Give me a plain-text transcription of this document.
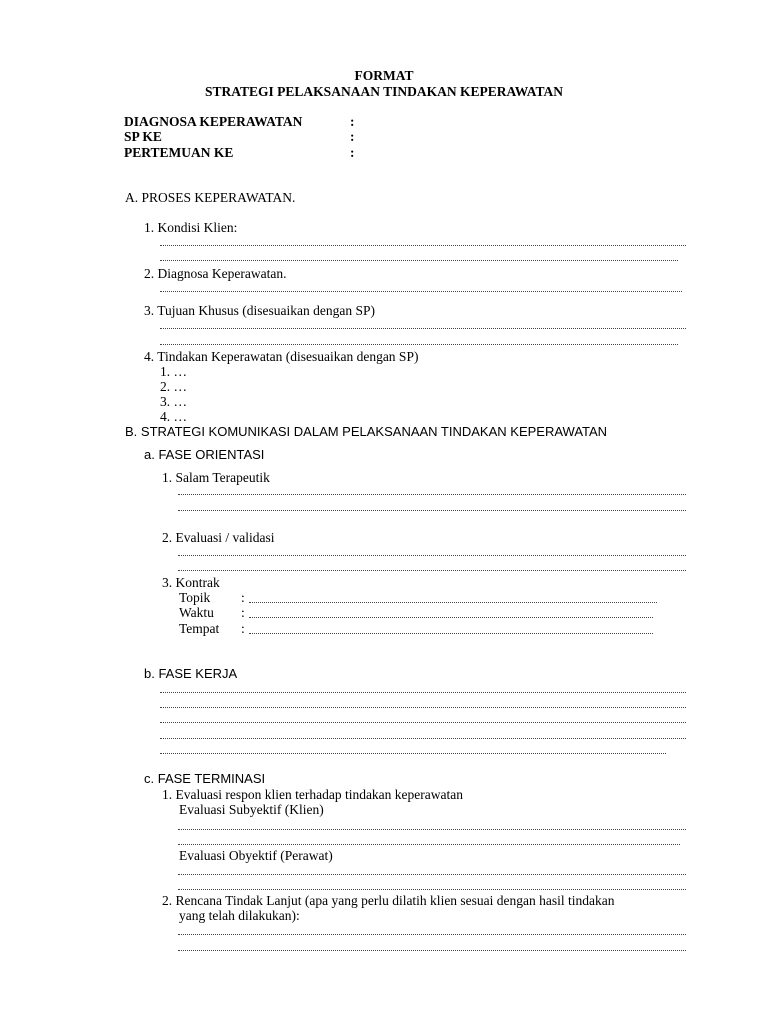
FORMAT
STRATEGI PELAKSANAAN TINDAKAN KEPERAWATAN
DIAGNOSA KEPERAWATAN	:
SP KE	:
PERTEMUAN KE	:
A. PROSES KEPERAWATAN.
1. Kondisi Klien:
2. Diagnosa Keperawatan.
3. Tujuan Khusus (disesuaikan dengan SP)
4. Tindakan Keperawatan (disesuaikan dengan SP)
1. …
2. …
3. …
4. …
B. STRATEGI KOMUNIKASI DALAM PELAKSANAAN TINDAKAN KEPERAWATAN
a. FASE ORIENTASI
1. Salam Terapeutik
2. Evaluasi / validasi
3. Kontrak
Topik :
Waktu :
Tempat :
b. FASE KERJA
c. FASE TERMINASI
1. Evaluasi respon klien terhadap tindakan keperawatan
Evaluasi Subyektif (Klien)
Evaluasi Obyektif (Perawat)
2. Rencana Tindak Lanjut (apa yang perlu dilatih klien sesuai dengan hasil tindakan
yang telah dilakukan):
